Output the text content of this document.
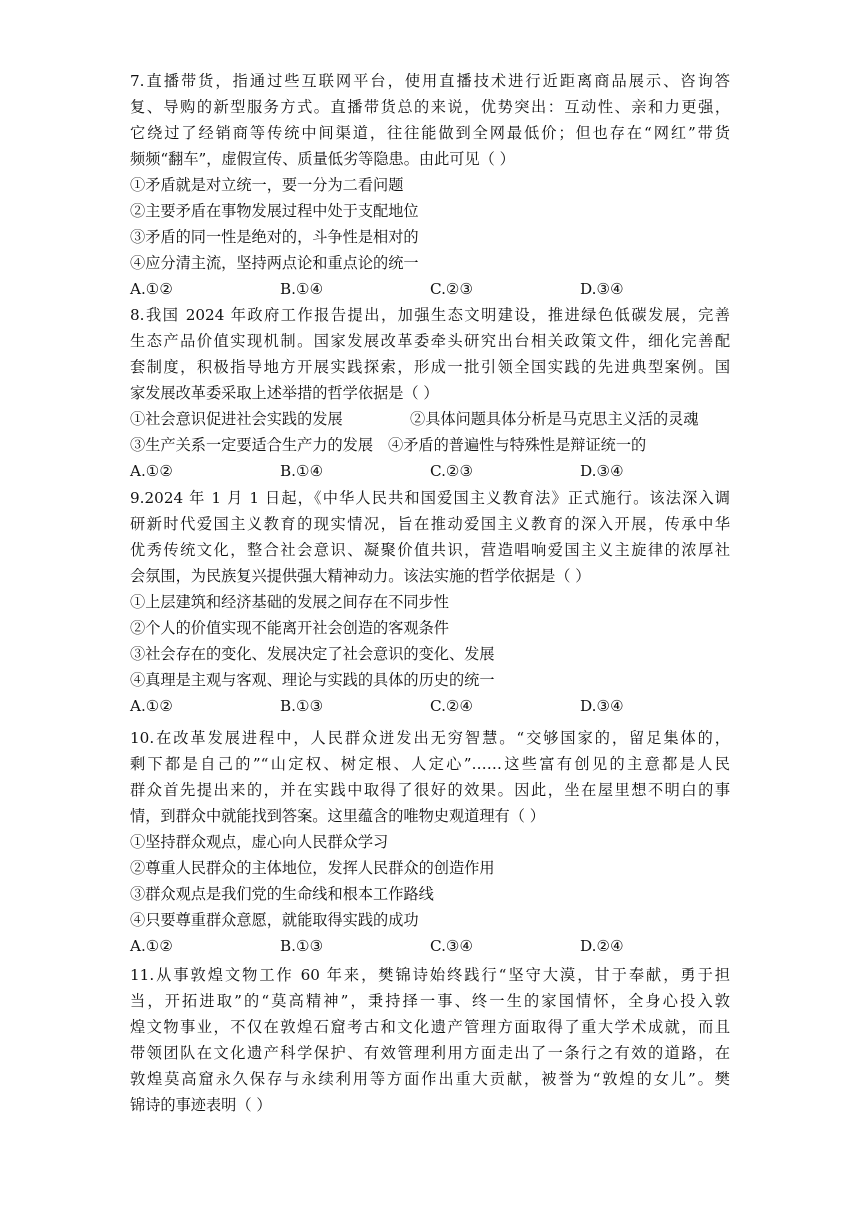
7.直播带货，指通过些互联网平台，使用直播技术进行近距离商品展示、咨询答
复、导购的新型服务方式。直播带货总的来说，优势突出：互动性、亲和力更强，
它绕过了经销商等传统中间渠道，往往能做到全网最低价；但也存在“网红”带货
频频“翻车”，虚假宣传、质量低劣等隐患。由此可见（ ）
①矛盾就是对立统一，要一分为二看问题
②主要矛盾在事物发展过程中处于支配地位
③矛盾的同一性是绝对的，斗争性是相对的
④应分清主流，坚持两点论和重点论的统一
A.①②	B.①④	C.②③	D.③④
8.我国 2024 年政府工作报告提出，加强生态文明建设，推进绿色低碳发展，完善
生态产品价值实现机制。国家发展改革委牵头研究出台相关政策文件，细化完善配
套制度，积极指导地方开展实践探索，形成一批引领全国实践的先进典型案例。国
家发展改革委采取上述举措的哲学依据是（ ）
①社会意识促进社会实践的发展	②具体问题具体分析是马克思主义活的灵魂
③生产关系一定要适合生产力的发展 ④矛盾的普遍性与特殊性是辩证统一的
A.①②	B.①④	C.②③	D.③④
9.2024 年 1 月 1 日起，《中华人民共和国爱国主义教育法》正式施行。该法深入调
研新时代爱国主义教育的现实情况，旨在推动爱国主义教育的深入开展，传承中华
优秀传统文化，整合社会意识、凝聚价值共识，营造唱响爱国主义主旋律的浓厚社
会氛围，为民族复兴提供强大精神动力。该法实施的哲学依据是（ ）
①上层建筑和经济基础的发展之间存在不同步性
②个人的价值实现不能离开社会创造的客观条件
③社会存在的变化、发展决定了社会意识的变化、发展
④真理是主观与客观、理论与实践的具体的历史的统一
A.①②	B.①③	C.②④	D.③④
10.在改革发展进程中，人民群众迸发出无穷智慧。“交够国家的，留足集体的，
剩下都是自己的”“山定权、树定根、人定心”……这些富有创见的主意都是人民
群众首先提出来的，并在实践中取得了很好的效果。因此，坐在屋里想不明白的事
情，到群众中就能找到答案。这里蕴含的唯物史观道理有（ ）
①坚持群众观点，虚心向人民群众学习
②尊重人民群众的主体地位，发挥人民群众的创造作用
③群众观点是我们党的生命线和根本工作路线
④只要尊重群众意愿，就能取得实践的成功
A.①②	B.①③	C.③④	D.②④
11.从事敦煌文物工作 60 年来，樊锦诗始终践行“坚守大漠，甘于奉献，勇于担
当，开拓进取”的“莫高精神”，秉持择一事、终一生的家国情怀，全身心投入敦
煌文物事业，不仅在敦煌石窟考古和文化遗产管理方面取得了重大学术成就，而且
带领团队在文化遗产科学保护、有效管理利用方面走出了一条行之有效的道路，在
敦煌莫高窟永久保存与永续利用等方面作出重大贡献，被誉为“敦煌的女儿”。樊
锦诗的事迹表明（ ）
